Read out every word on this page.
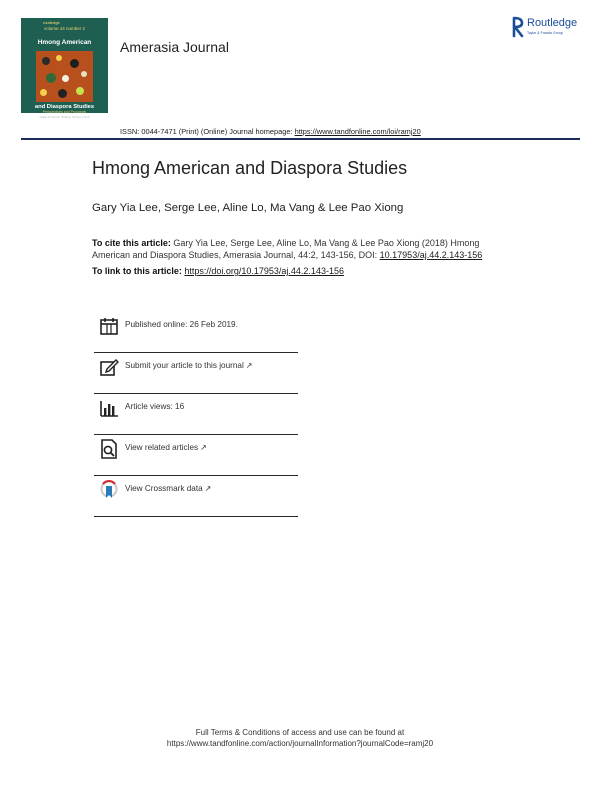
routledge
volume 44 number 2
Hmong American
and Diaspora Studies
Perspectives and Prospects
Asian American Studies Center UCLA
Amerasia Journal
Routledge
Taylor & Francis Group
ISSN: 0044-7471 (Print) (Online) Journal homepage: https://www.tandfonline.com/loi/ramj20
Hmong American and Diaspora Studies
Gary Yia Lee, Serge Lee, Aline Lo, Ma Vang & Lee Pao Xiong
To cite this article: Gary Yia Lee, Serge Lee, Aline Lo, Ma Vang & Lee Pao Xiong (2018) Hmong American and Diaspora Studies, Amerasia Journal, 44:2, 143-156, DOI: 10.17953/aj.44.2.143-156
To link to this article: https://doi.org/10.17953/aj.44.2.143-156
Published online: 26 Feb 2019.
Submit your article to this journal ↗
Article views: 16
View related articles ↗
View Crossmark data ↗
Full Terms & Conditions of access and use can be found at
https://www.tandfonline.com/action/journalInformation?journalCode=ramj20
